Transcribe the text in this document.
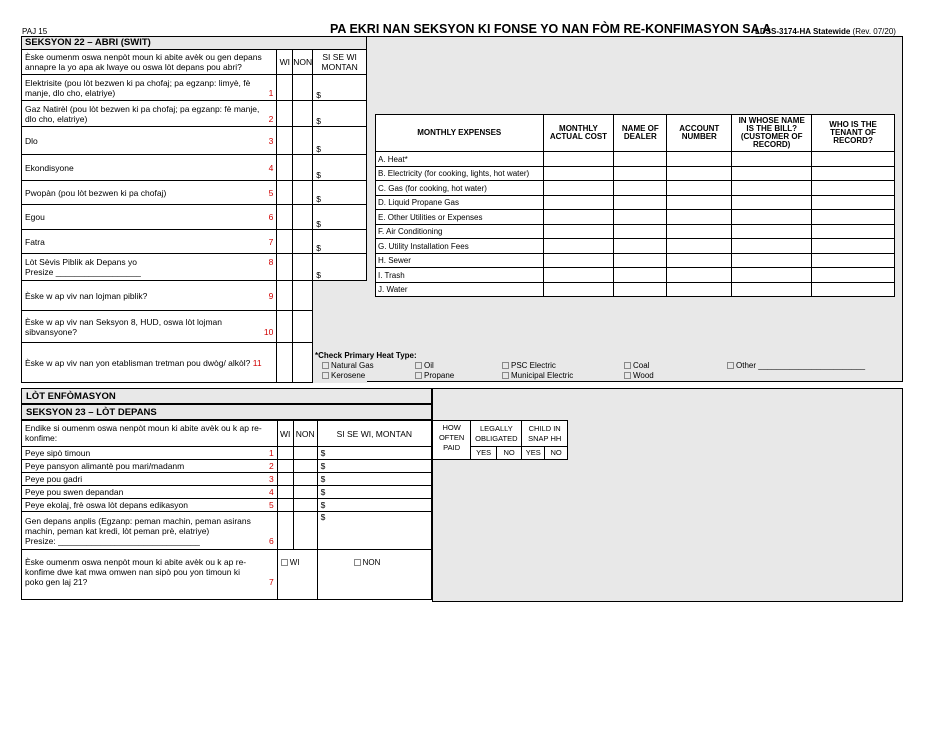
PAJ 15	PA EKRI NAN SEKSYON KI FONSE YO NAN FÒM RE-KONFIMASYON SA A
LDSS-3174-HA Statewide (Rev. 07/20)
SEKSYON 22 – ABRI (SWIT)			
Èske oumenm oswa nenpòt moun ki abite avèk ou gen depans annapre la yo apa ak lwaye ou oswa lòt depans pou abri?	WI	NON	SI SE WI MONTAN

Elektrisite (pou lòt bezwen ki pa chofaj; pa egzanp: limyè, fè manje, dlo cho, elatriye) 1			$

Gaz Natirèl (pou lòt bezwen ki pa chofaj; pa egzanp: fè manje, dlo cho, elatriye) 2			$

Dlo 3			$

Ekondisyone 4			$

Pwopàn (pou lòt bezwen ki pa chofaj) 5			$

Egou 6			$

Fatra 7			$

Lòt Sèvis Piblik ak Depans yo 8
Presize __________________			$

Èske w ap viv nan lojman piblik? 9			

Èske w ap viv nan Seksyon 8, HUD, oswa lòt lojman sibvansyone? 10			

Èske w ap viv nan yon etablisman tretman pou dwòg/ alkòl? 11			
MONTHLY EXPENSES	MONTHLY ACTUAL COST	NAME OF DEALER	ACCOUNT NUMBER	IN WHOSE NAME IS THE BILL? (CUSTOMER OF RECORD)	WHO IS THE TENANT OF RECORD?
A. Heat*					
B. Electricity (for cooking, lights, hot water)					
C. Gas (for cooking, hot water)					
D. Liquid Propane Gas					
E. Other Utilities or Expenses					
F. Air Conditioning					
G. Utility Installation Fees					
H. Sewer					
I. Trash					
J. Water					
*Check Primary Heat Type:
Natural Gas
Kerosene
Oil
Propane
PSC Electric
Municipal Electric
Coal
Wood
Other ________________________
LÒT ENFÒMASYON
SEKSYON 23 – LÒT DEPANS
Endike si oumenm oswa nenpòt moun ki abite avèk ou k ap re-konfime:	WI	NON	SI SE WI, MONTAN

Peye sipò timoun 1			$

Peye pansyon alimantè pou mari/madanm 2			$

Peye pou gadri 3			$

Peye pou swen depandan 4			$

Peye ekolaj, frè oswa lòt depans edikasyon 5			$

Gen depans anplis (Egzanp: peman machin, peman asirans machin, peman kat kredi, lòt peman prè, elatriye)
Presize: ______________________________ 6			$

Èske oumenm oswa nenpòt moun ki abite avèk ou k ap re-konfime dwe kat mwa omwen nan sipò pou yon timoun ki poko gen laj 21? 7	WI		NON
HOW OFTEN PAID	LEGALLY OBLIGATED		CHILD IN SNAP HH	
	YES	NO	YES	NO
